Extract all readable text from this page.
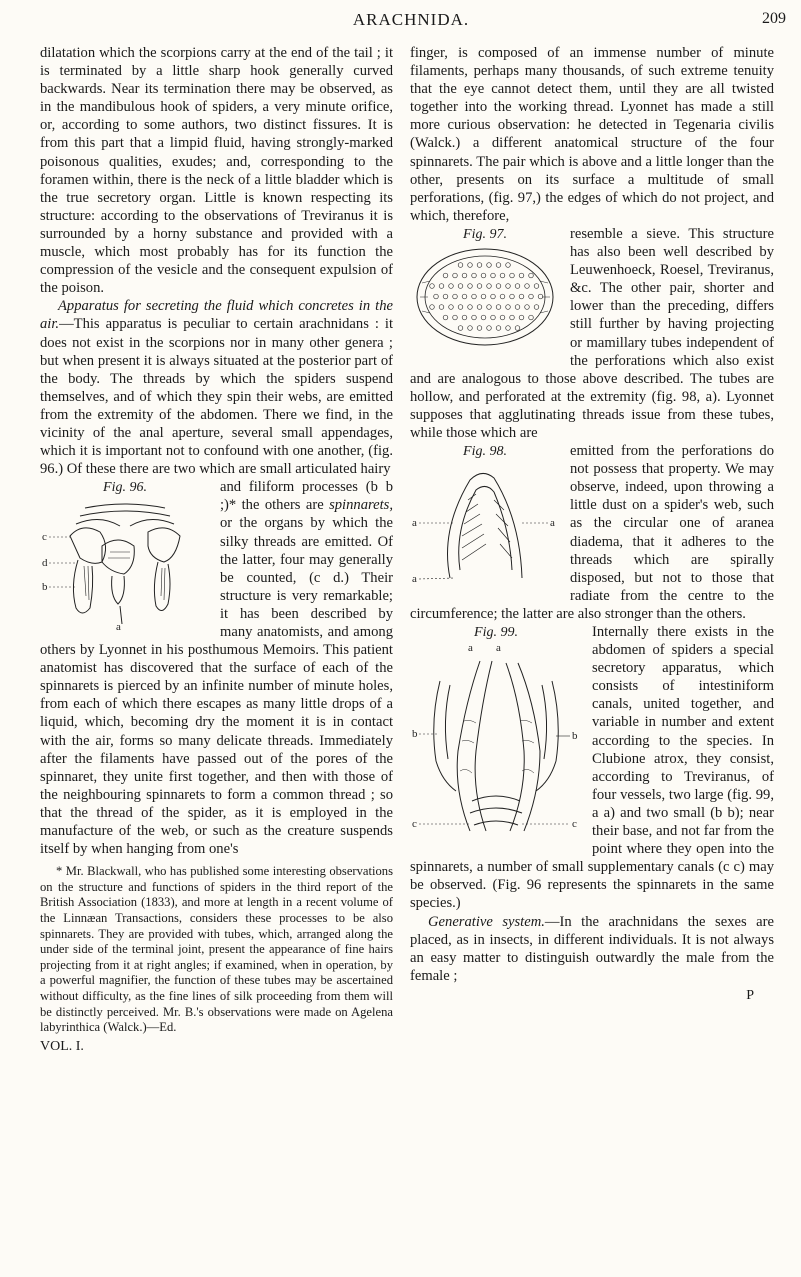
ARACHNIDA.	209

dilatation which the scorpions carry at the end of the tail ; it is terminated by a little sharp hook generally curved backwards. Near its termination there may be observed, as in the mandibulous hook of spiders, a very minute orifice, or, according to some authors, two distinct fissures. It is from this part that a limpid fluid, having strongly-marked poisonous qualities, exudes; and, corresponding to the foramen within, there is the neck of a little bladder which is the true secretory organ. Little is known respecting its structure: according to the observations of Treviranus it is surrounded by a horny substance and provided with a muscle, which most probably has for its function the compression of the vesicle and the consequent expulsion of the poison.

Apparatus for secreting the fluid which concretes in the air.—This apparatus is peculiar to certain arachnidans : it does not exist in the scorpions nor in many other genera ; but when present it is always situated at the posterior part of the body. The threads by which the spiders suspend themselves, and of which they spin their webs, are emitted from the extremity of the abdomen. There we find, in the vicinity of the anal aperture, several small appendages, which it is important not to confound with one another, (fig. 96.) Of these there are two which are small articulated hairy

Fig. 96.
c
d
b
a

and filiform processes (b b ;)* the others are spinnarets, or the organs by which the silky threads are emitted. Of the latter, four may generally be counted, (c d.) Their structure is very remarkable; it has been described by many anatomists, and among others by Lyonnet in his posthumous Memoirs. This patient anatomist has discovered that the surface of each of the spinnarets is pierced by an infinite number of minute holes, from each of which there escapes as many little drops of a liquid, which, becoming dry the moment it is in contact with the air, forms so many delicate threads. Immediately after the filaments have passed out of the pores of the spinnaret, they unite first together, and then with those of the neighbouring spinnarets to form a common thread ; so that the thread of the spider, as it is employed in the manufacture of the web, or such as the creature suspends itself by when hanging from one's

* Mr. Blackwall, who has published some interesting observations on the structure and functions of spiders in the third report of the British Association (1833), and more at length in a recent volume of the Linnæan Transactions, considers these processes to be also spinnarets. They are provided with tubes, which, arranged along the under side of the terminal joint, present the appearance of fine hairs projecting from it at right angles; if examined, when in operation, by a powerful magnifier, the function of these tubes may be ascertained without difficulty, as the fine lines of silk proceeding from them will be distinctly perceived. Mr. B.'s observations were made on Agelena labyrinthica (Walck.)—Ed.

VOL. I.

finger, is composed of an immense number of minute filaments, perhaps many thousands, of such extreme tenuity that the eye cannot detect them, until they are all twisted together into the working thread. Lyonnet has made a still more curious observation: he detected in Tegenaria civilis (Walck.) a different anatomical structure of the four spinnarets. The pair which is above and a little longer than the other, presents on its surface a multitude of small perforations, (fig. 97,) the edges of which do not project, and which, therefore,

Fig. 97.	resemble a sieve. This structure has also been well described by Leuwenhoeck, Roesel, Treviranus, &c. The other pair, shorter and lower than the preceding, differs still further by having projecting or mamillary tubes independent of the perforations which also exist and are analogous to those above described. The tubes are hollow, and perforated at the extremity (fig. 98, a). Lyonnet supposes that agglutinating threads issue from these tubes, while those which are

Fig. 98.
a
a
a

emitted from the perforations do not possess that property. We may observe, indeed, upon throwing a little dust on a spider's web, such as the circular one of aranea diadema, that it adheres to the threads which are spirally disposed, but not to those that radiate from the centre to the circumference; the latter are also stronger than the others.

Fig. 99.
a a
b	b
c	c

Internally there exists in the abdomen of spiders a special secretory apparatus, which consists of intestiniform canals, united together, and variable in number and extent according to the species. In Clubione atrox, they consist, according to Treviranus, of four vessels, two large (fig. 99, a a) and two small (b b); near their base, and not far from the point where they open into the spinnarets, a number of small supplementary canals (c c) may be observed. (Fig. 96 represents the spinnarets in the same species.)

Generative system.—In the arachnidans the sexes are placed, as in insects, in different individuals. It is not always an easy matter to distinguish outwardly the male from the female ;

P
